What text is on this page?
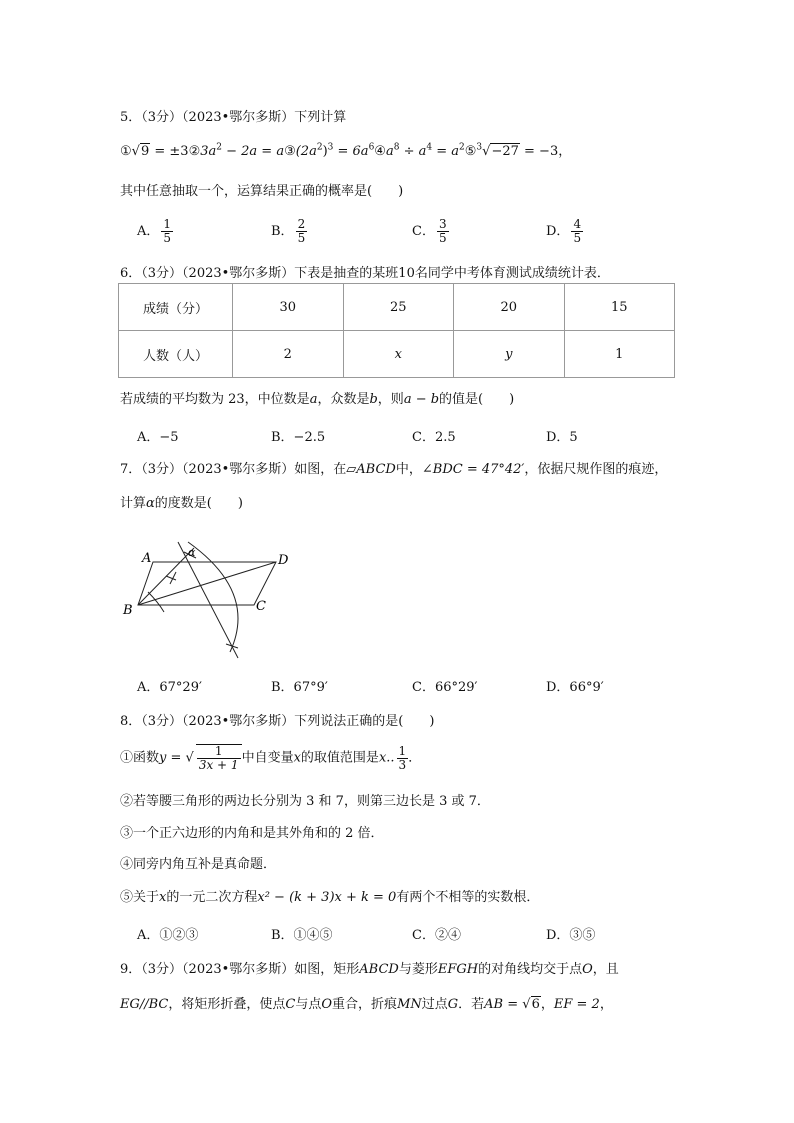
5．（3分）（2023•鄂尔多斯）下列计算
①√9 = $\pm 3②3a^2 - 2a$ = $a③(2a^2)^3$ = $6a^6④a^8 \div a^4$ = $a^2⑤^3√-27 = -3$，
其中任意抽取一个，运算结果正确的概率是(　　)
A． $\frac{1}{5}$	B． $\frac{2}{5}$	C． $\frac{3}{5}$	D． $\frac{4}{5}$
6．（3分）（2023•鄂尔多斯）下表是抽查的某班10名同学中考体育测试成绩统计表．
成绩（分）	30	25	20	15
人数（人）	2	x	y	1
若成绩的平均数为 23，中位数是a，众数是b，则a − b的值是(　　)
A．−5	B．−2.5	C．2.5	D．5
7．（3分）（2023•鄂尔多斯）如图，在▱ABCD中，∠BDC = 47°42′，依据尺规作图的痕迹，
计算α的度数是(　　)
A	D
B	C
α
A．67°29′	B．67°9′	C．66°29′	D．66°9′
8．（3分）（2023•鄂尔多斯）下列说法正确的是(　　)
①函数y = √ $\frac{1}{3x + 1}$ 中自变量x的取值范围是x.. $\frac{1}{3}$ ．
②若等腰三角形的两边长分别为 3 和 7，则第三边长是 3 或 7．
③一个正六边形的内角和是其外角和的 2 倍．
④同旁内角互补是真命题．
⑤关于x的一元二次方程x² − (k + 3)x + k = 0有两个不相等的实数根．
A．①②③	B．①④⑤	C．②④	D．③⑤
9．（3分）（2023•鄂尔多斯）如图，矩形ABCD与菱形EFGH的对角线均交于点O，且
EG//BC，将矩形折叠，使点C与点O重合，折痕MN过点G．若AB = √6，EF = 2，
